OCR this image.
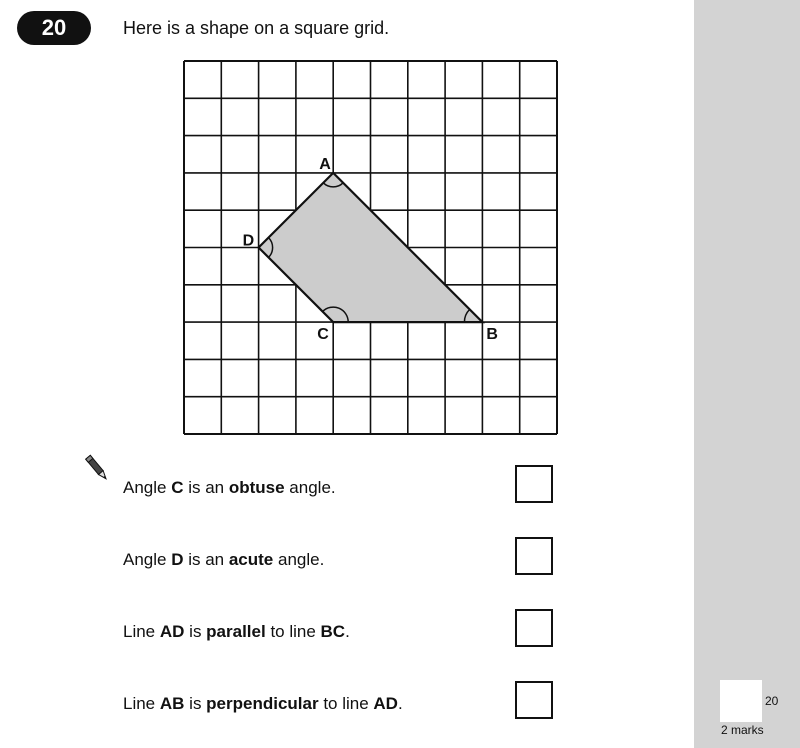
20	Here is a shape on a square grid.
A
B
C
D
Angle C is an obtuse angle.
Angle D is an acute angle.
Line AD is parallel to line BC.
Line AB is perpendicular to line AD.	20
2 marks
